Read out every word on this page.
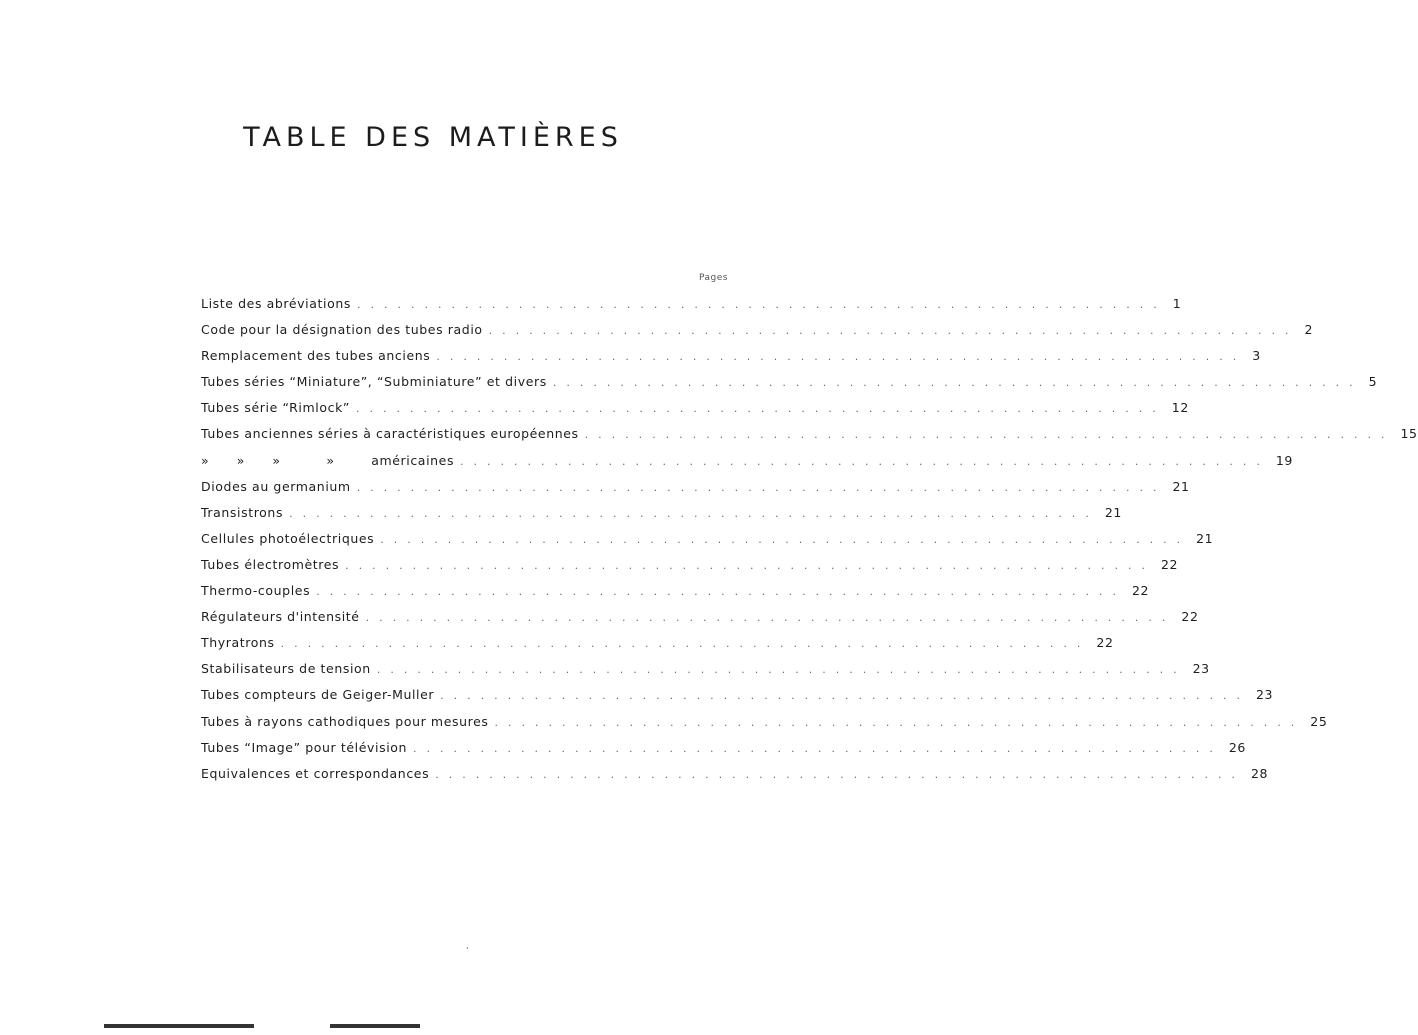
TABLE DES MATIÈRES
Pages
Liste des abréviations ............................................................ 1
Code pour la désignation des tubes radio ............................................................ 2
Remplacement des tubes anciens ............................................................ 3
Tubes séries “Miniature”, “Subminiature” et divers ............................................................ 5
Tubes série “Rimlock” ............................................................ 12
Tubes anciennes séries à caractéristiques européennes ............................................................ 15
»      »      »          »        américaines ............................................................ 19
Diodes au germanium ............................................................ 21
Transistrons ............................................................ 21
Cellules photoélectriques ............................................................ 21
Tubes électromètres ............................................................ 22
Thermo-couples ............................................................ 22
Régulateurs d'intensité ............................................................ 22
Thyratrons ............................................................ 22
Stabilisateurs de tension ............................................................ 23
Tubes compteurs de Geiger-Muller ............................................................ 23
Tubes à rayons cathodiques pour mesures ............................................................ 25
Tubes “Image” pour télévision ............................................................ 26
Equivalences et correspondances ............................................................ 28
ʼ
